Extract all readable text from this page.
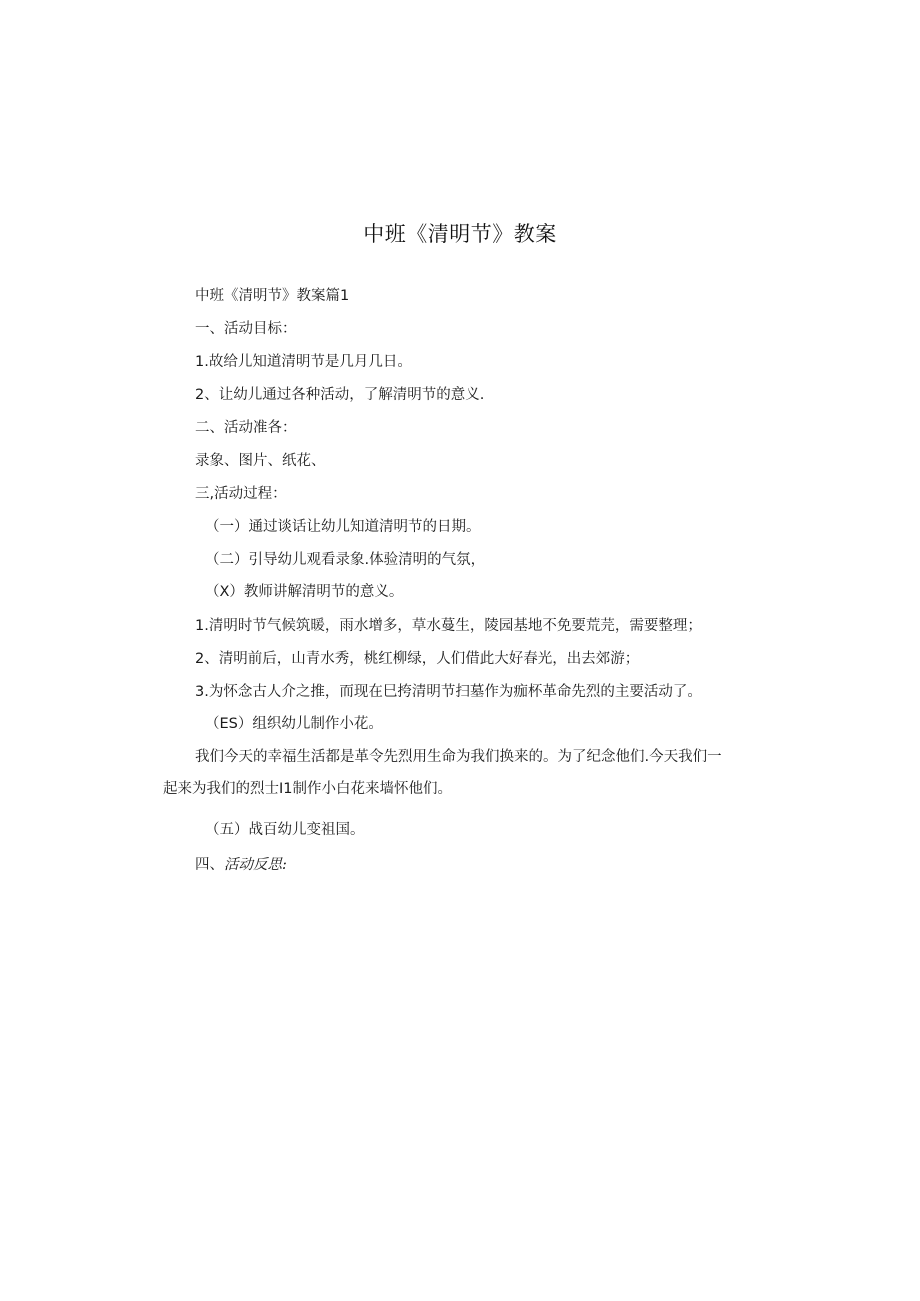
中班《清明节》教案
中班《清明节》教案篇1
一、活动目标：
1.故给儿知道清明节是几月几日。
2、让幼儿通过各种活动，了解清明节的意义.
二、活动准各：
录象、图片、纸花、
三,活动过程：
（一）通过谈话让幼儿知道清明节的日期。
（二）引导幼儿观看录象.体验清明的气氛，
（X）教师讲解清明节的意义。
1.清明时节气候筑暖，雨水增多，草水蔓生，陵园基地不免要荒芫，需要整理；
2、清明前后，山青水秀，桃红柳绿，人们借此大好春光，出去郊游；
3.为怀念古人介之推，而现在巳挎清明节扫墓作为痂杯革命先烈的主要活动了。
（ES）组织幼儿制作小花。
我们今天的幸福生活都是革令先烈用生命为我们换来的。为了纪念他们.今天我们一
起来为我们的烈士I1制作小白花来墙怀他们。
（五）战百幼儿变祖国。
四、活动反思:
